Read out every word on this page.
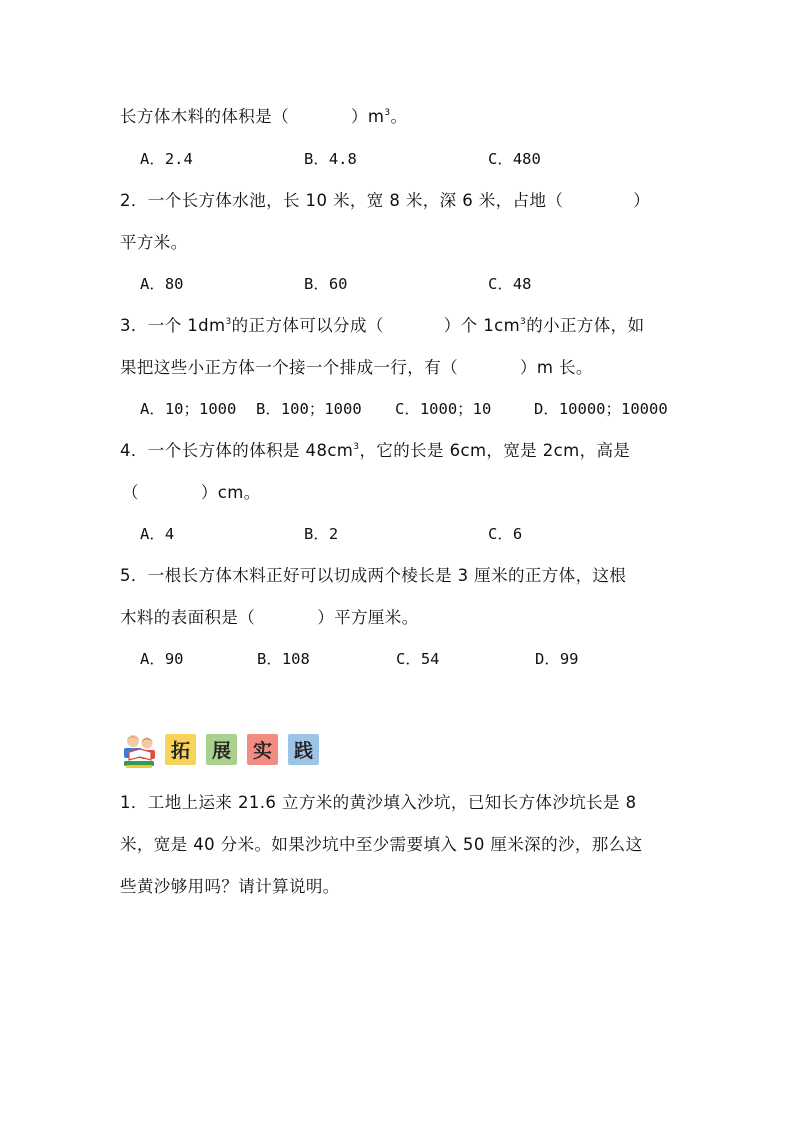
长方体木料的体积是（	）$m^3$。
A．2.4	B．4.8	C．480
2．一个长方体水池，长 10 米，宽 8 米，深 6 米，占地（	）
平方米。
A．80	B．60	C．48
3．一个 $1dm^3$的正方体可以分成（	）个 $1cm^3$的小正方体，如
果把这些小正方体一个接一个排成一行，有（	）m 长。
A．10；1000 B．100；1000 C．1000；10	D．10000；10000
4．一个长方体的体积是 $48cm^3$，它的长是 6cm，宽是 2cm，高是
（	）cm。
A．4	B．2	C．6
5．一根长方体木料正好可以切成两个棱长是 3 厘米的正方体，这根
木料的表面积是（	）平方厘米。
A．90	B．108	C．54	D．99
拓 展 实 践
1．工地上运来 21.6 立方米的黄沙填入沙坑，已知长方体沙坑长是 8
米，宽是 40 分米。如果沙坑中至少需要填入 50 厘米深的沙，那么这
些黄沙够用吗？请计算说明。
